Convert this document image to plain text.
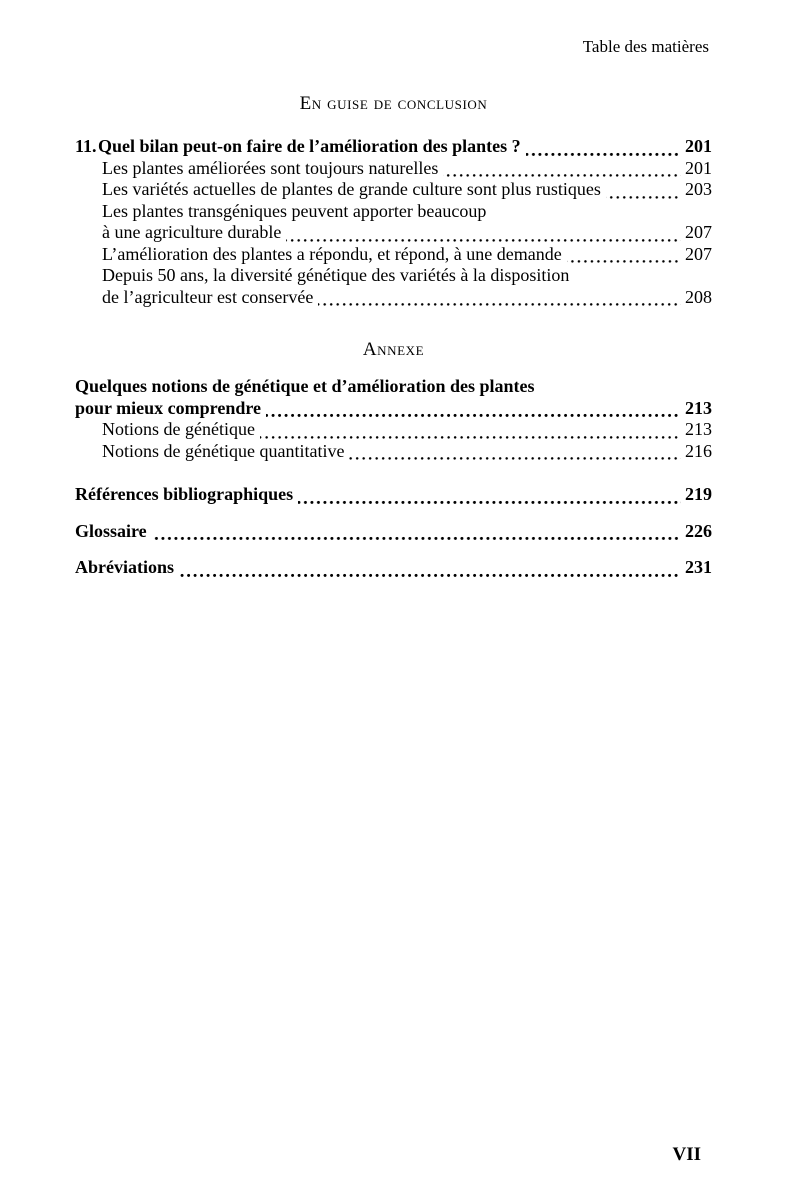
Table des matières
En guise de conclusion
11. Quel bilan peut-on faire de l’amélioration des plantes ?	201
Les plantes améliorées sont toujours naturelles	201
Les variétés actuelles de plantes de grande culture sont plus rustiques	203
Les plantes transgéniques peuvent apporter beaucoup
à une agriculture durable	207
L’amélioration des plantes a répondu, et répond, à une demande	207
Depuis 50 ans, la diversité génétique des variétés à la disposition
de l’agriculteur est conservée	208
Annexe
Quelques notions de génétique et d’amélioration des plantes
pour mieux comprendre	213
Notions de génétique	213
Notions de génétique quantitative	216
Références bibliographiques	219
Glossaire	226
Abréviations	231
VII
